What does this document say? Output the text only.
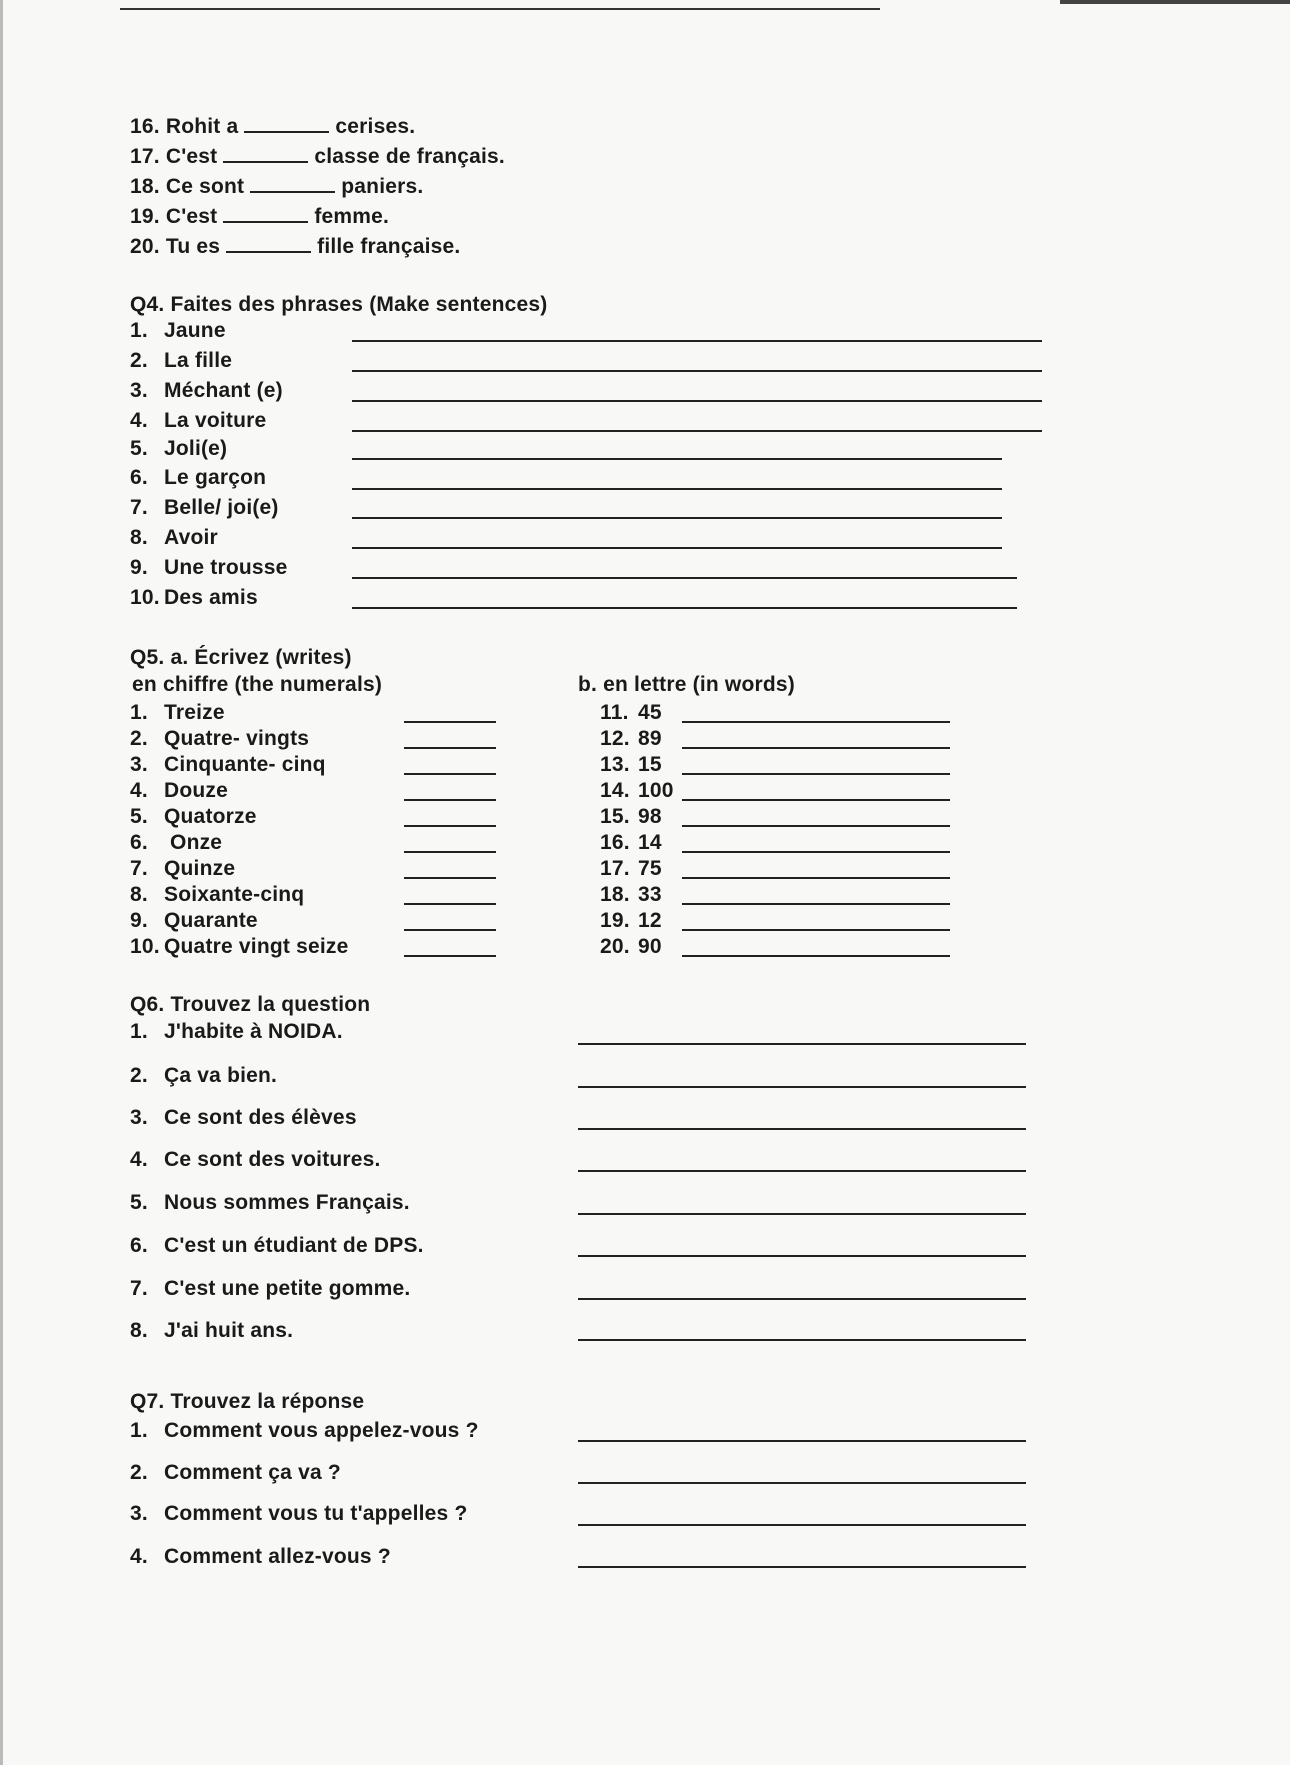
16. Rohit a	cerises.
17. C'est	classe de français.
18. Ce sont	paniers.
19. C'est	femme.
20. Tu es	fille française.
Q4. Faites des phrases (Make sentences)
1. Jaune
2. La fille
3. Méchant (e)
4. La voiture
5. Joli(e)
6. Le garçon
7. Belle/ joi(e)
8. Avoir
9. Une trousse
10. Des amis
Q5. a. Écrivez (writes)
en chiffre (the numerals)	b. en lettre (in words)
1. Treize
2. Quatre- vingts
3. Cinquante- cinq
4. Douze
5. Quatorze
6. Onze
7. Quinze
8. Soixante-cinq
9. Quarante
10. Quatre vingt seize
11. 45
12. 89
13. 15
14. 100
15. 98
16. 14
17. 75
18. 33
19. 12
20. 90
Q6. Trouvez la question
1. J'habite à NOIDA.
2. Ça va bien.
3. Ce sont des élèves
4. Ce sont des voitures.
5. Nous sommes Français.
6. C'est un étudiant de DPS.
7. C'est une petite gomme.
8. J'ai huit ans.
Q7. Trouvez la réponse
1. Comment vous appelez-vous ?
2. Comment ça va ?
3. Comment vous tu t'appelles ?
4. Comment allez-vous ?
